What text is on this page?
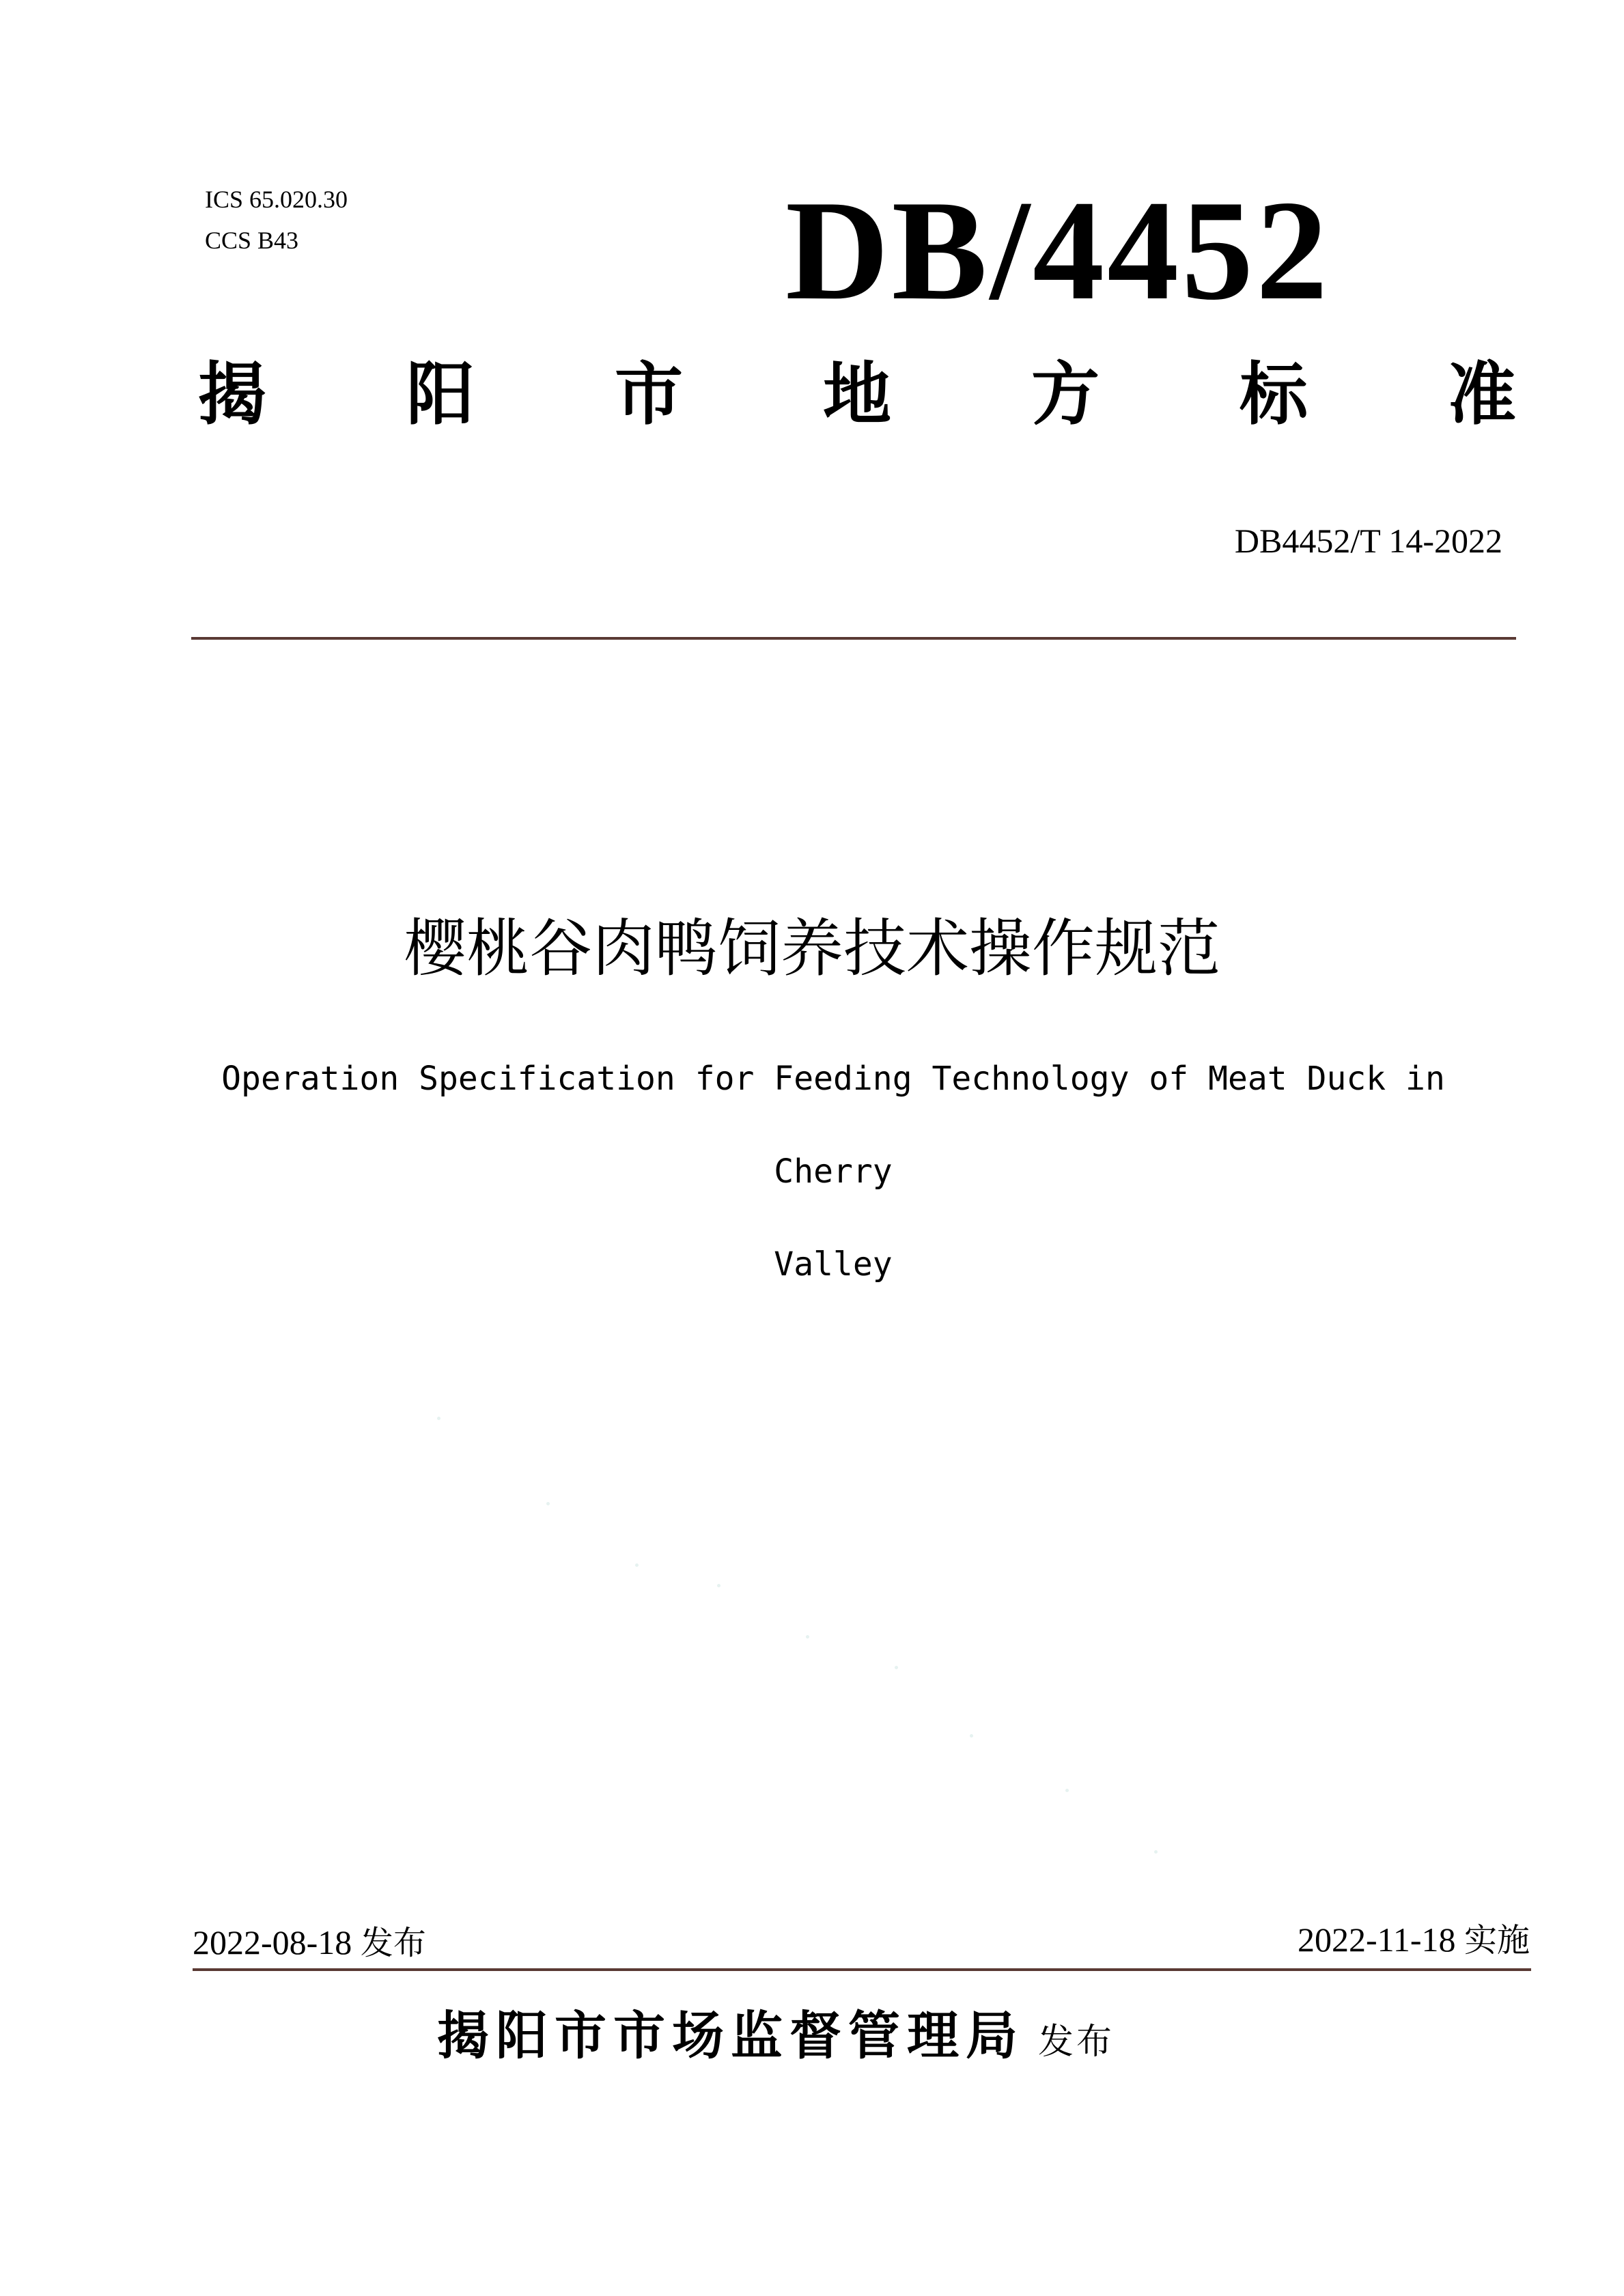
ICS 65.020.30
CCS B43	DB/4452
揭 阳 市 地 方 标 准
DB4452/T 14-2022
樱桃谷肉鸭饲养技术操作规范
Operation Specification for Feeding Technology of Meat Duck in Cherry
Valley
2022-08-18 发布	2022-11-18 实施
揭阳市市场监督管理局 发布
